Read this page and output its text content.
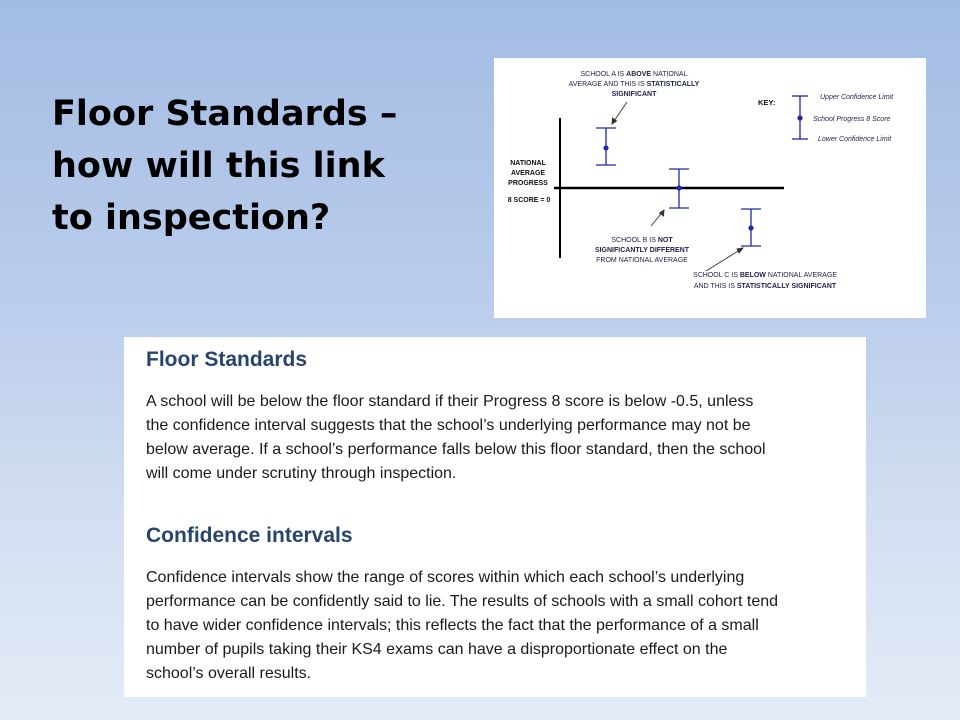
Floor Standards –
how will this link
to inspection?
NATIONAL AVERAGE PROGRESS 8 SCORE = 0
SCHOOL A IS ABOVE NATIONAL AVERAGE AND THIS IS STATISTICALLY SIGNIFICANT
SCHOOL B IS NOT SIGNIFICANTLY DIFFERENT FROM NATIONAL AVERAGE
SCHOOL C IS BELOW NATIONAL AVERAGE AND THIS IS STATISTICALLY SIGNIFICANT
KEY:
Upper Confidence Limit
School Progress 8 Score
Lower Confidence Limit
Floor Standards

A school will be below the floor standard if their Progress 8 score is below -0.5, unless
the confidence interval suggests that the school’s underlying performance may not be
below average. If a school’s performance falls below this floor standard, then the school
will come under scrutiny through inspection.

Confidence intervals

Confidence intervals show the range of scores within which each school’s underlying
performance can be confidently said to lie. The results of schools with a small cohort tend
to have wider confidence intervals; this reflects the fact that the performance of a small
number of pupils taking their KS4 exams can have a disproportionate effect on the
school’s overall results.
